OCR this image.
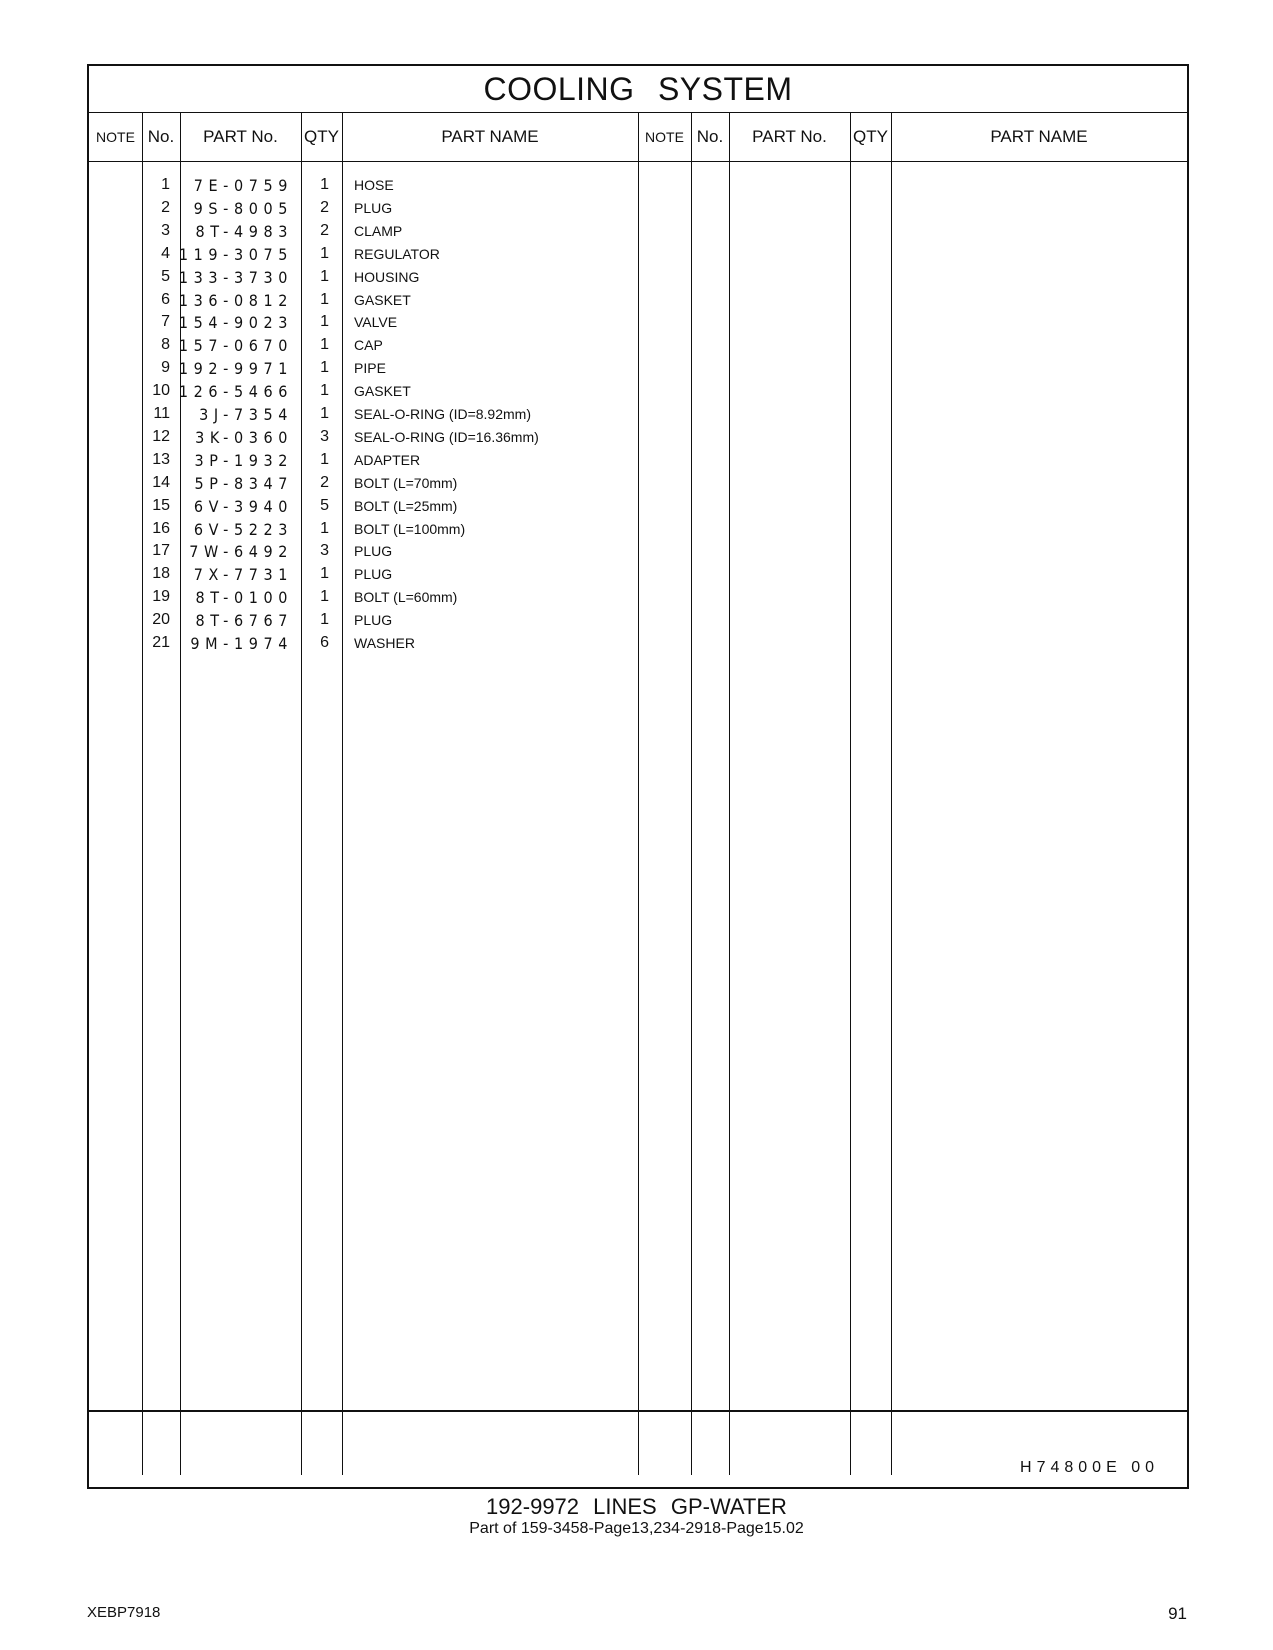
COOLING SYSTEM
NOTE No.	PART No.	QTY	PART NAME	NOTE No.	PART No.	QTY	PART NAME
1	7E-0759	1 HOSE
2	9S-8005	2 PLUG
3	8T-4983	2 CLAMP
4 119-3075	1 REGULATOR
5 133-3730	1 HOUSING
6 136-0812	1 GASKET
7 154-9023	1 VALVE
8 157-0670	1 CAP
9 192-9971	1 PIPE
10 126-5466	1 GASKET
11	3J-7354	1 SEAL-O-RING (ID=8.92mm)
12	3K-0360	3 SEAL-O-RING (ID=16.36mm)
13	3P-1932	1 ADAPTER
14	5P-8347	2 BOLT (L=70mm)
15	6V-3940	5 BOLT (L=25mm)
16	6V-5223	1 BOLT (L=100mm)
17	7W-6492	3 PLUG
18	7X-7731	1 PLUG
19	8T-0100	1 BOLT (L=60mm)
20	8T-6767	1 PLUG
21	9M-1974	6 WASHER
H74800E 00
192-9972 LINES GP-WATER
Part of 159-3458-Page13,234-2918-Page15.02
XEBP7918	91
